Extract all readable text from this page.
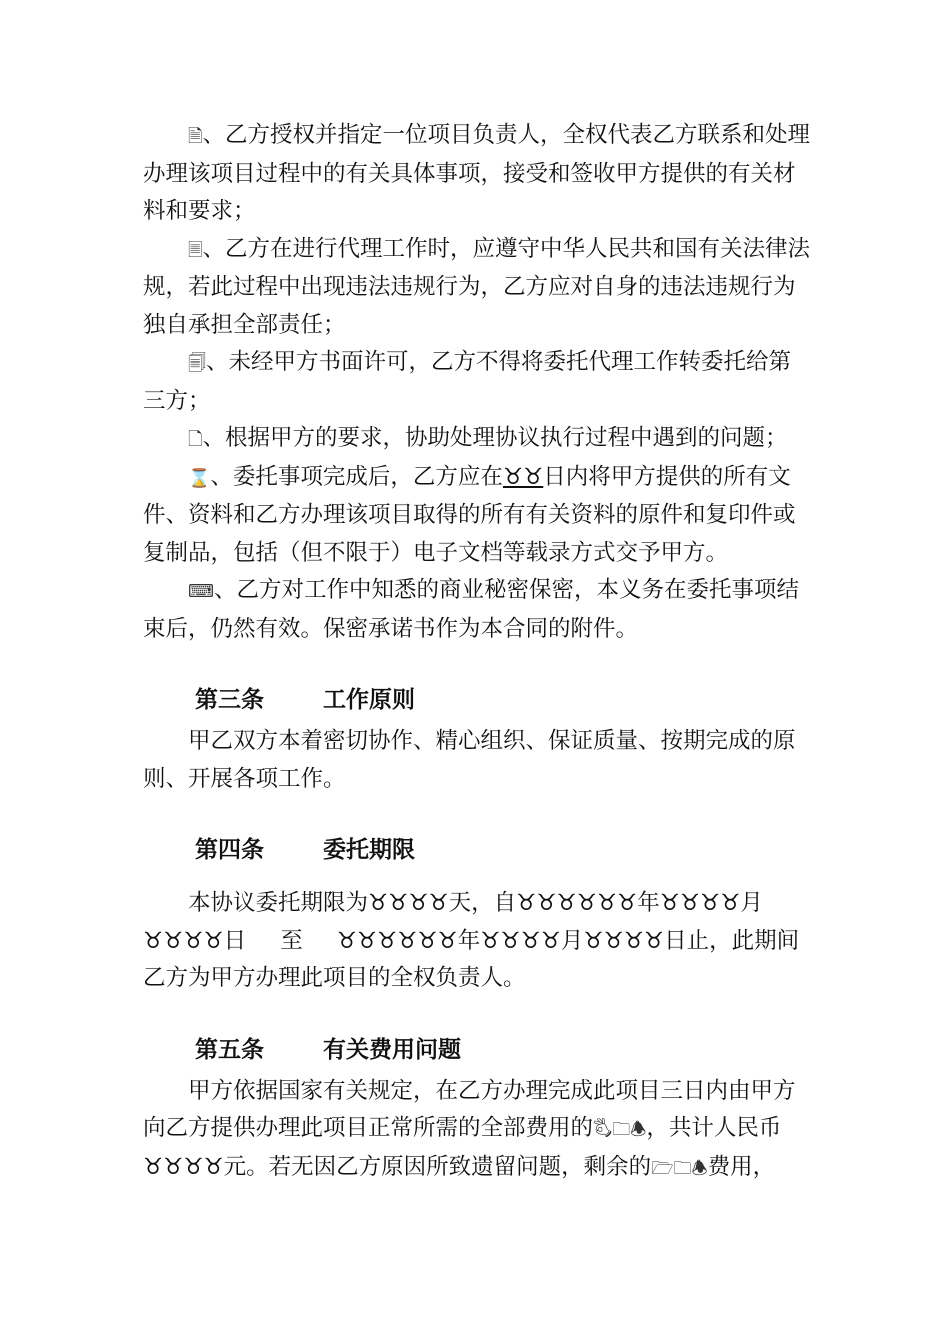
🗎、乙方授权并指定一位项目负责人，全权代表乙方联系和处理办理该项目过程中的有关具体事项，接受和签收甲方提供的有关材料和要求；

🗏、乙方在进行代理工作时，应遵守中华人民共和国有关法律法规，若此过程中出现违法违规行为，乙方应对自身的违法违规行为独自承担全部责任；

🗐、未经甲方书面许可，乙方不得将委托代理工作转委托给第三方；

🗋、根据甲方的要求，协助处理协议执行过程中遇到的问题；

⌛、委托事项完成后，乙方应在♉♉日内将甲方提供的所有文件、资料和乙方办理该项目取得的所有有关资料的原件和复印件或复制品，包括（但不限于）电子文档等载录方式交予甲方。

⌨、乙方对工作中知悉的商业秘密保密，本义务在委托事项结束后，仍然有效。保密承诺书作为本合同的附件。

第三条	工作原则

甲乙双方本着密切协作、精心组织、保证质量、按期完成的原则、开展各项工作。

第四条	委托期限

本协议委托期限为♉♉♉♉天，自♉♉♉♉♉♉年♉♉♉♉月♉♉♉♉日 至 ♉♉♉♉♉♉年♉♉♉♉月♉♉♉♉日止，此期间乙方为甲方办理此项目的全权负责人。

第五条	有关费用问题

甲方依据国家有关规定，在乙方办理完成此项目三日内由甲方向乙方提供办理此项目正常所需的全部费用的🖏🗀🕭，共计人民币♉♉♉♉元。若无因乙方原因所致遗留问题，剩余的🗁🗀🕭费用，
